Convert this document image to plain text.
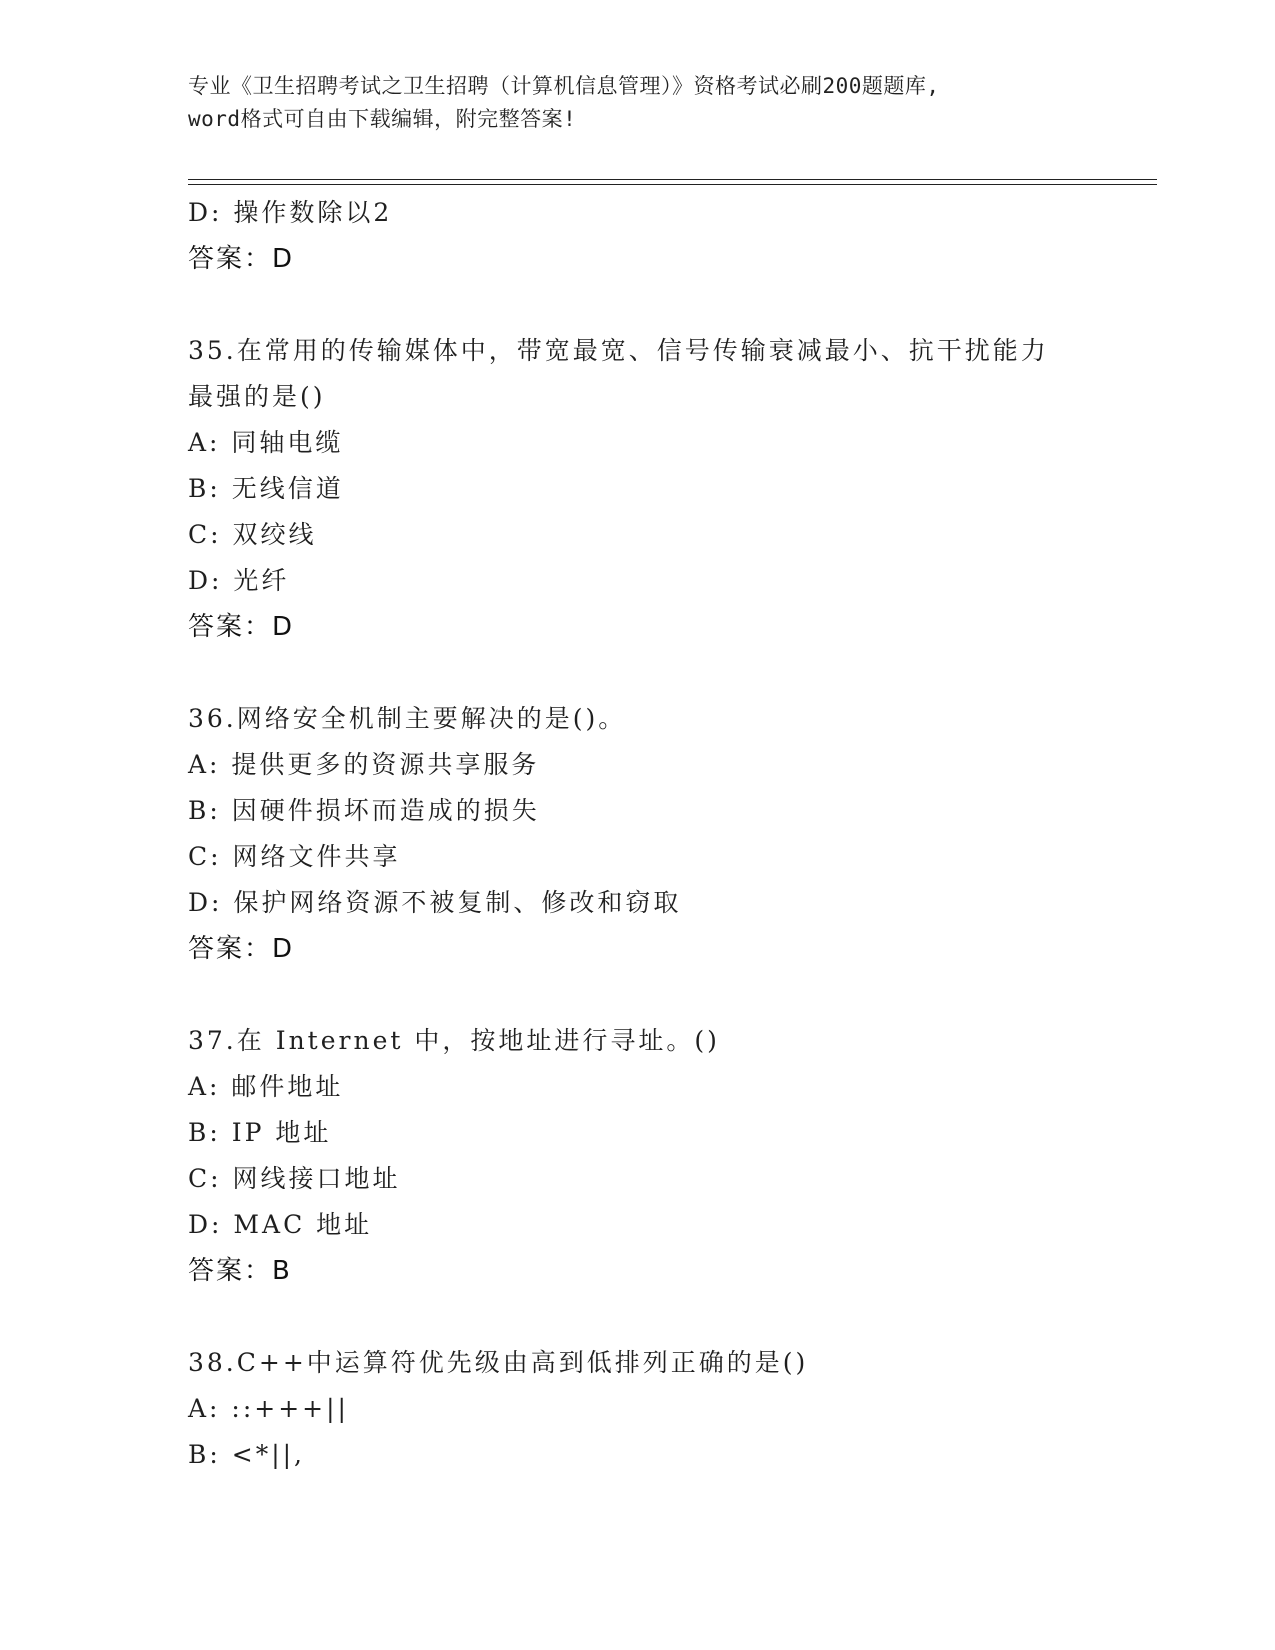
专业《卫生招聘考试之卫生招聘（计算机信息管理）》资格考试必刷200题题库,
word格式可自由下载编辑，附完整答案!
D: 操作数除以2
答案：D
35.在常用的传输媒体中，带宽最宽、信号传输衰减最小、抗干扰能力
最强的是()
A: 同轴电缆
B: 无线信道
C: 双绞线
D: 光纤
答案：D
36.网络安全机制主要解决的是()。
A: 提供更多的资源共享服务
B: 因硬件损坏而造成的损失
C: 网络文件共享
D: 保护网络资源不被复制、修改和窃取
答案：D
37.在 Internet 中，按地址进行寻址。()
A: 邮件地址
B: IP 地址
C: 网线接口地址
D: MAC 地址
答案：B
38.C++中运算符优先级由高到低排列正确的是()
A: ::+++||
B: <*||,
